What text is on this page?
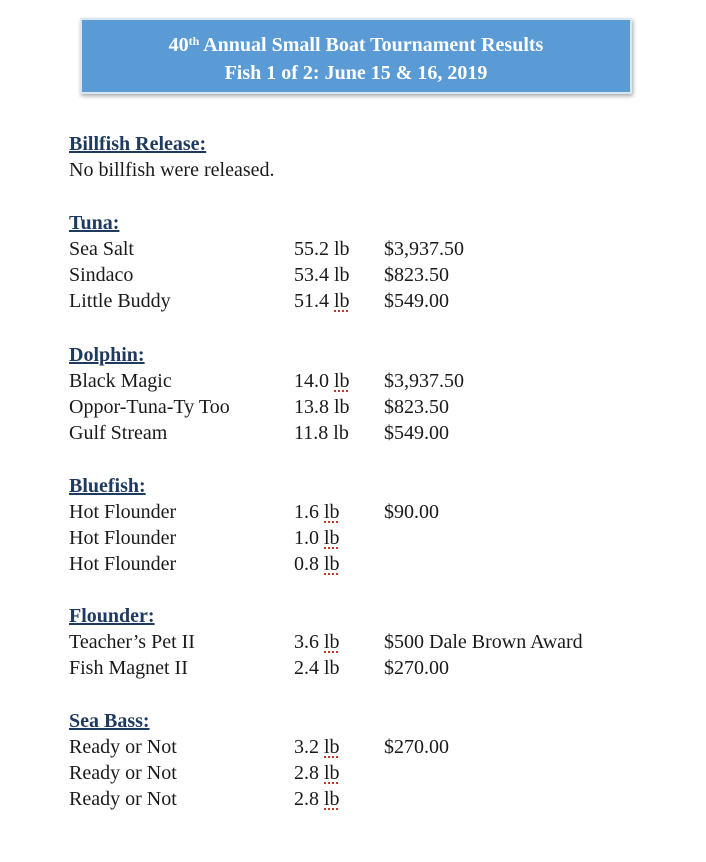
40th Annual Small Boat Tournament Results
Fish 1 of 2: June 15 & 16, 2019
Billfish Release:
No billfish were released.
Tuna:
Sea Salt	55.2 lb $3,937.50
Sindaco	53.4 lb $823.50
Little Buddy	51.4 lb $549.00
Dolphin:
Black Magic	14.0 lb $3,937.50
Oppor-Tuna-Ty Too	13.8 lb $823.50
Gulf Stream	11.8 lb $549.00
Bluefish:
Hot Flounder	1.6 lb $90.00
Hot Flounder	1.0 lb
Hot Flounder	0.8 lb
Flounder:
Teacher’s Pet II	3.6 lb $500 Dale Brown Award
Fish Magnet II	2.4 lb $270.00
Sea Bass:
Ready or Not	3.2 lb $270.00
Ready or Not	2.8 lb
Ready or Not	2.8 lb
